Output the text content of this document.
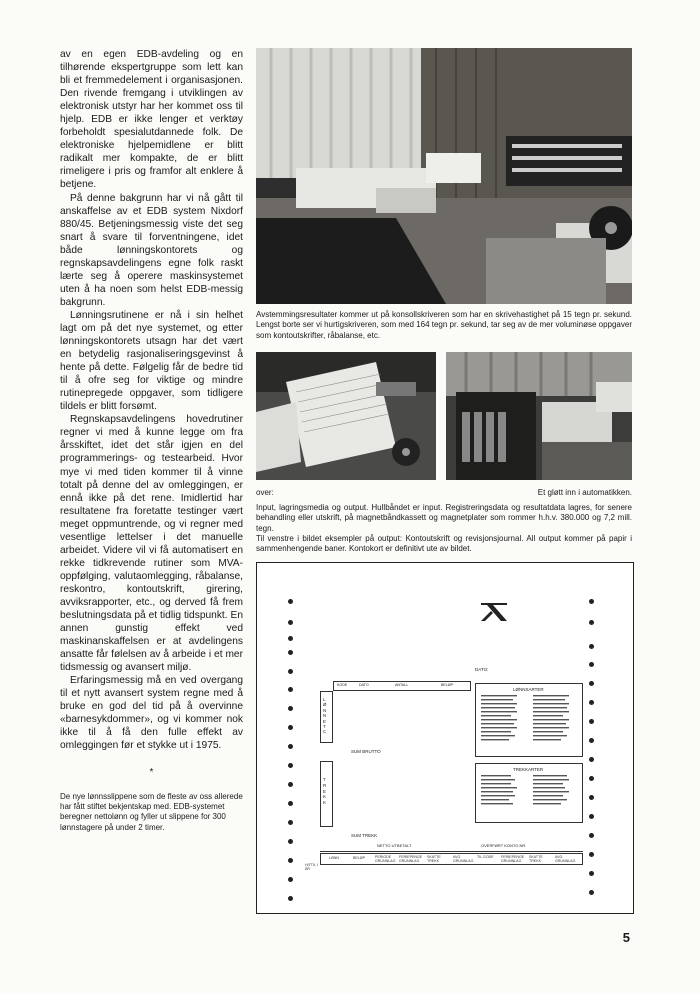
av en egen EDB-avdeling og en tilhørende ekspertgruppe som lett kan bli et fremmedelement i organisasjonen. Den rivende fremgang i utviklingen av elektronisk utstyr har her kommet oss til hjelp. EDB er ikke lenger et verktøy forbeholdt spesialutdannede folk. De elektroniske hjelpemidlene er blitt radikalt mer kompakte, de er blitt rimeligere i pris og framfor alt enklere å betjene.

På denne bakgrunn har vi nå gått til anskaffelse av et EDB system Nixdorf 880/45. Betjeningsmessig viste det seg snart å svare til forventningene, idet både lønningskontorets og regnskapsavdelingens egne folk raskt lærte seg å operere maskinsystemet uten å ha noen som helst EDB-messig bakgrunn.

Lønningsrutinene er nå i sin helhet lagt om på det nye systemet, og etter lønningskontorets utsagn har det vært en betydelig rasjonaliseringsgevinst å hente på dette. Følgelig får de bedre tid til å ofre seg for viktige og mindre rutinepregede oppgaver, som tidligere tildels er blitt forsømt.

Regnskapsavdelingens hovedrutiner regner vi med å kunne legge om fra årsskiftet, idet det står igjen en del programmerings- og testearbeid. Hvor mye vi med tiden kommer til å vinne totalt på denne del av omleggingen, er ennå ikke på det rene. Imidlertid har resultatene fra foretatte testinger vært meget oppmuntrende, og vi regner med vesentlige lettelser i det manuelle arbeidet. Videre vil vi få automatisert en rekke tidkrevende rutiner som MVA-oppfølging, valutaomlegging, råbalanse, reskontro, kontoutskrift, girering, avviksrapporter, etc., og derved få frem beslutningsdata på et tidlig tidspunkt. En annen gunstig effekt ved maskinanskaffelsen er at avdelingens ansatte får følelsen av å arbeide i et mer tidsmessig og avansert miljø.

Erfaringsmessig må en ved overgang til et nytt avansert system regne med å bruke en god del tid på å overvinne «barnesykdommer», og vi kommer nok ikke til å få den fulle effekt av omleggingen før et stykke ut i 1975.

*

De nye lønnsslippene som de fleste av oss allerede har fått stiftet bekjentskap med. EDB-systemet beregner nettolønn og fyller ut slippene for 300 lønnstagere på under 2 timer.

Avstemmingsresultater kommer ut på konsollskriveren som har en skrivehastighet på 15 tegn pr. sekund. Lengst borte ser vi hurtigskriveren, som med 164 tegn pr. sekund, tar seg av de mer voluminøse oppgaver som kontoutskrifter, råbalanse, etc.
over:	Et gløtt inn i automatikken.
Input, lagringsmedia og output. Hullbåndet er input. Registreringsdata og resultatdata lagres, for senere behandling eller utskrift, på magnetbåndkassett og magnetplater som rommer h.h.v. 380.000 og 7,2 mill. tegn.
Til venstre i bildet eksempler på output: Kontoutskrift og revisjonsjournal. All output kommer på papir i sammenhengende baner. Kontokort er definitivt ute av bildet.
DATO:
KODE	DATO	ANTALL	BELØP
L Ø N N E T C
SUM BRUTTO
T R E K K
SUM TREKK
LØNNSARTER
TREKKARTER
NETTO UTBETALT	OVERFØRT KONTO NR.
LØNN	BELØP	PERIODE GRUNNLAG
FERIEPENGE GRUNNLAG
SKATTE TREKK
AVG. GRUNNLAG
TIL GODE	FERIEPENGE GRUNNLAG
SKATTE TREKK
AVG. GRUNNLAG
HITTIL I ÅR
5
